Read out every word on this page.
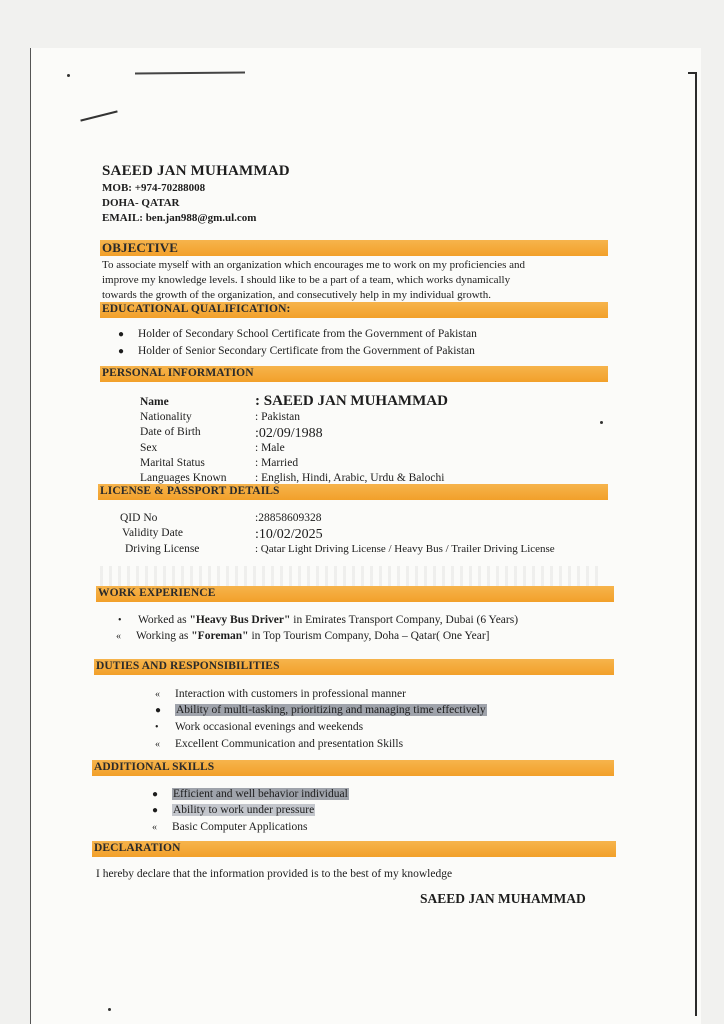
SAEED JAN MUHAMMAD
MOB: +974-70288008
DOHA- QATAR
EMAIL: ben.jan988@gm.ul.com
OBJECTIVE
To associate myself with an organization which encourages me to work on my proficiencies and
improve my knowledge levels. I should like to be a part of a team, which works dynamically
towards the growth of the organization, and consecutively help in my individual growth.
EDUCATIONAL QUALIFICATION:
● Holder of Secondary School Certificate from the Government of Pakistan
● Holder of Senior Secondary Certificate from the Government of Pakistan
PERSONAL INFORMATION
Name	: SAEED JAN MUHAMMAD
Nationality	: Pakistan
Date of Birth	:02/09/1988
Sex	: Male
Marital Status	: Married
Languages Known : English, Hindi, Arabic, Urdu & Balochi
LICENSE & PASSPORT DETAILS
QID No	:28858609328
Validity Date	:10/02/2025
Driving License	: Qatar Light Driving License / Heavy Bus / Trailer Driving License
WORK EXPERIENCE
• Worked as "Heavy Bus Driver" in Emirates Transport Company, Dubai (6 Years)
« Working as "Foreman" in Top Tourism Company, Doha – Qatar( One Year]
DUTIES AND RESPONSIBILITIES
« Interaction with customers in professional manner
● Ability of multi-tasking, prioritizing and managing time effectively
• Work occasional evenings and weekends
« Excellent Communication and presentation Skills
ADDITIONAL SKILLS
● Efficient and well behavior individual
● Ability to work under pressure
« Basic Computer Applications
DECLARATION
I hereby declare that the information provided is to the best of my knowledge
SAEED JAN MUHAMMAD
